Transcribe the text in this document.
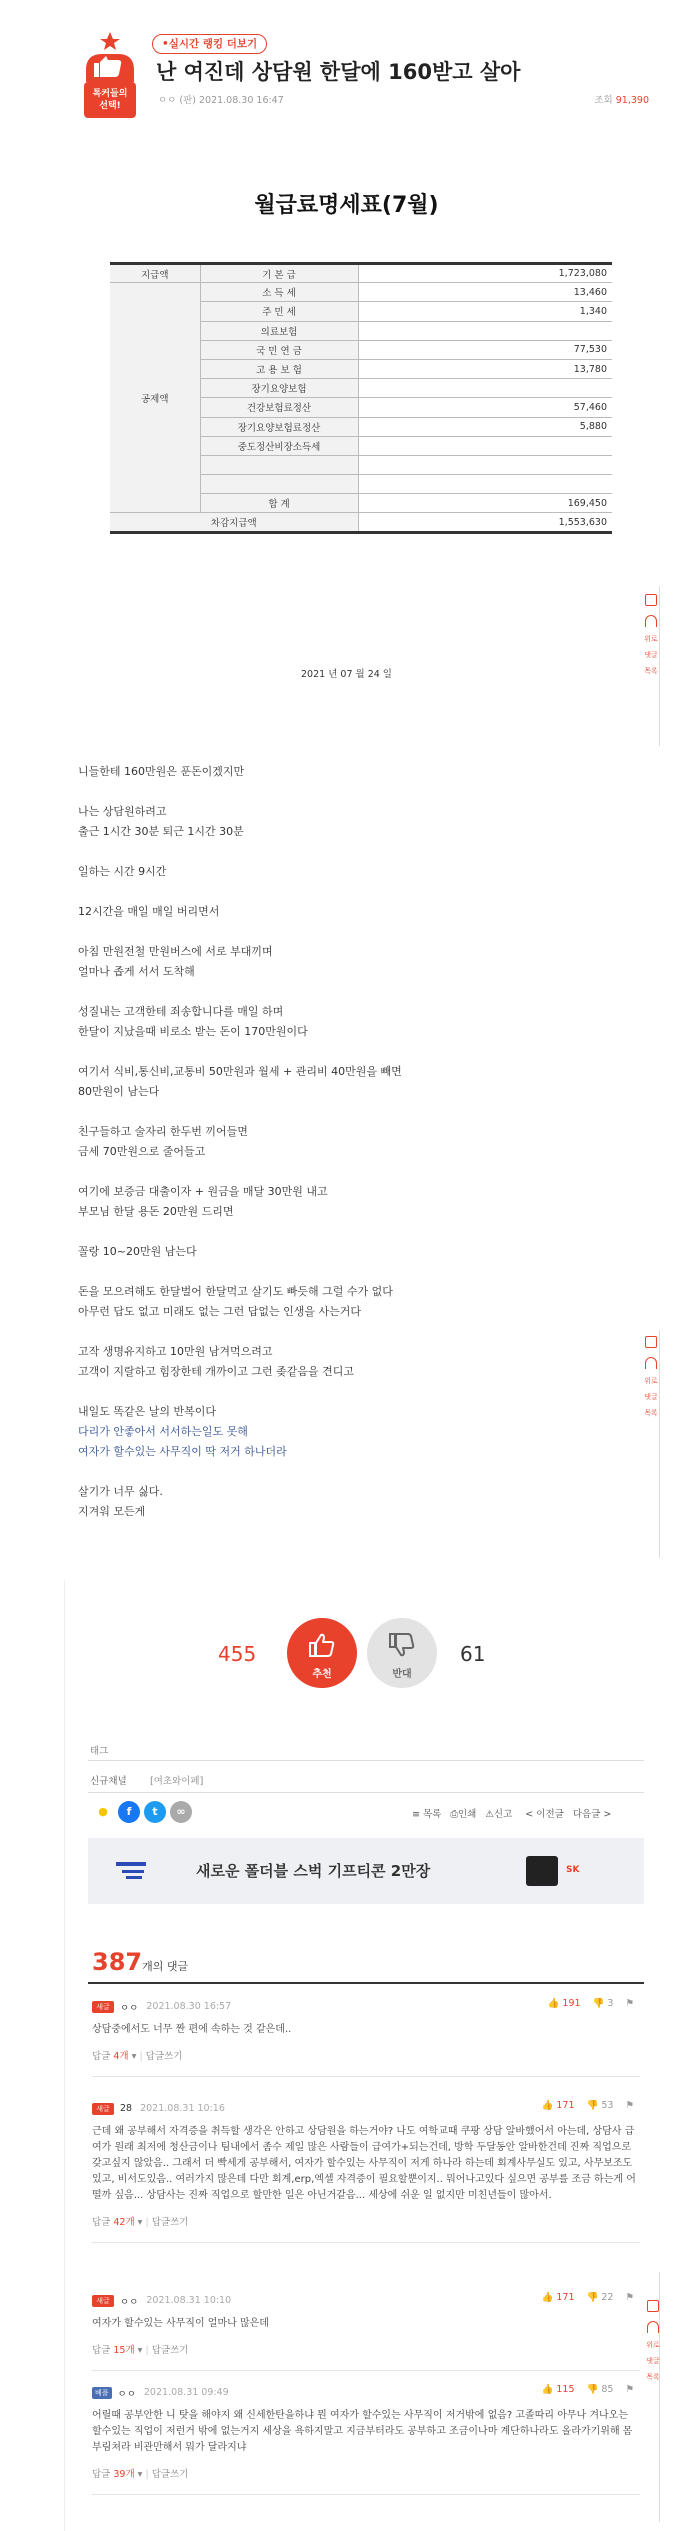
톡커들의
선택!
•실시간 랭킹 더보기
난 여진데 상담원 한달에 160받고 살아
ㅇㅇ (판) 2021.08.30 16:47	조회 91,390
월급료명세표(7월)
지급액	기 본 급	1,723,080
공제액	소 득 세	13,460
	주 민 세	1,340
	의료보험	
	국 민 연 금	77,530
	고 용 보 험	13,780
	장기요양보험	
	건강보험료정산	57,460
	장기요양보험료정산	5,880
	중도정산비장소득세	

	합 계	169,450
차감지급액		1,553,630
2021 년 07 월 24 일
니들한테 160만원은 푼돈이겠지만
나는 상담원하려고
출근 1시간 30분 퇴근 1시간 30분
일하는 시간 9시간
12시간을 매일 매일 버리면서
아침 만원전철 만원버스에 서로 부대끼며
얼마나 좁게 서서 도착해
성질내는 고객한테 죄송합니다를 매일 하며
한달이 지났을때 비로소 받는 돈이 170만원이다
여기서 식비,통신비,교통비 50만원과 월세 + 관리비 40만원을 빼면
80만원이 남는다
친구들하고 술자리 한두번 끼어들면
금세 70만원으로 줄어들고
여기에 보증금 대출이자 + 원금을 매달 30만원 내고
부모님 한달 용돈 20만원 드리면
꼴랑 10~20만원 남는다
돈을 모으려해도 한달벌어 한달먹고 살기도 빠듯해 그럴 수가 없다
아무런 답도 없고 미래도 없는 그런 답없는 인생을 사는거다
고작 생명유지하고 10만원 남겨먹으려고
고객이 지랄하고 힘장한테 개까이고 그런 좆같음을 견디고
내일도 똑같은 날의 반복이다
다리가 안좋아서 서서하는일도 못해
여자가 할수있는 사무직이 딱 저거 하나더라
살기가 너무 싫다.
지겨워 모든게
위로
댓글
목록
위로
댓글
목록
455
추천	반대
61
태그
신규채널 [여초와이페]
●	f	t	∞	≡ 목록 ⎙인쇄 ⚠신고 < 이전글 다음글 >
새로운 폴더블 스벅 기프티콘 2만장	SK
387개의 댓글
새글 ㅇㅇ 2021.08.30 16:57	👍 191 👎 3 ⚑
상담중에서도 너무 짠 편에 속하는 것 같은데..
답글 4개 ▾ | 답글쓰기
새글 28 2021.08.31 10:16	👍 171 👎 53 ⚑
근데 왜 공부해서 자격증을 취득할 생각은 안하고 상담원을 하는거야? 나도 여학교때 쿠팡 상담 알바했어서 아는데, 상담사 급여가 원래 최저에 청산금이나 팀내에서 좀수 제일 많은 사람들이 급여가+되는건데, 방학 두달동안 알바한건데 진짜 직업으로 갖고싶지 않았음.. 그래서 더 빡세게 공부해서, 여자가 할수있는 사무직이 저게 하나라 하는데 회계사무실도 있고, 사무보조도 있고, 비서도있음.. 여러가지 많은데 다만 회계,erp,엑셀 자격증이 필요할뿐이지.. 뭐어나고있다 싶으면 공부를 조금 하는게 어떨까 싶음... 상담사는 진짜 직업으로 할만한 일은 아닌거같음... 세상에 쉬운 일 없지만 미친년들이 많아서.
답글 42개 ▾ | 답글쓰기
새글 ㅇㅇ 2021.08.31 10:10	👍 171 👎 22 ⚑
여자가 할수있는 사무직이 얼마나 많은데
답글 15개 ▾ | 답글쓰기
베플 ㅇㅇ 2021.08.31 09:49	👍 115 👎 85 ⚑
어릴때 공부안한 니 탓을 해야지 왜 신세한탄을하냐 뭔 여자가 할수있는 사무직이 저거밖에 없음? 고졸따리 아무나 겨나오는 할수있는 직업이 저런거 밖에 없는거지 세상을 욕하지말고 지금부터라도 공부하고 조금이나마 계단하나라도 올라가기위해 몸부림쳐라 비관만해서 뭐가 달라지냐
답글 39개 ▾ | 답글쓰기
위로
댓글
목록
